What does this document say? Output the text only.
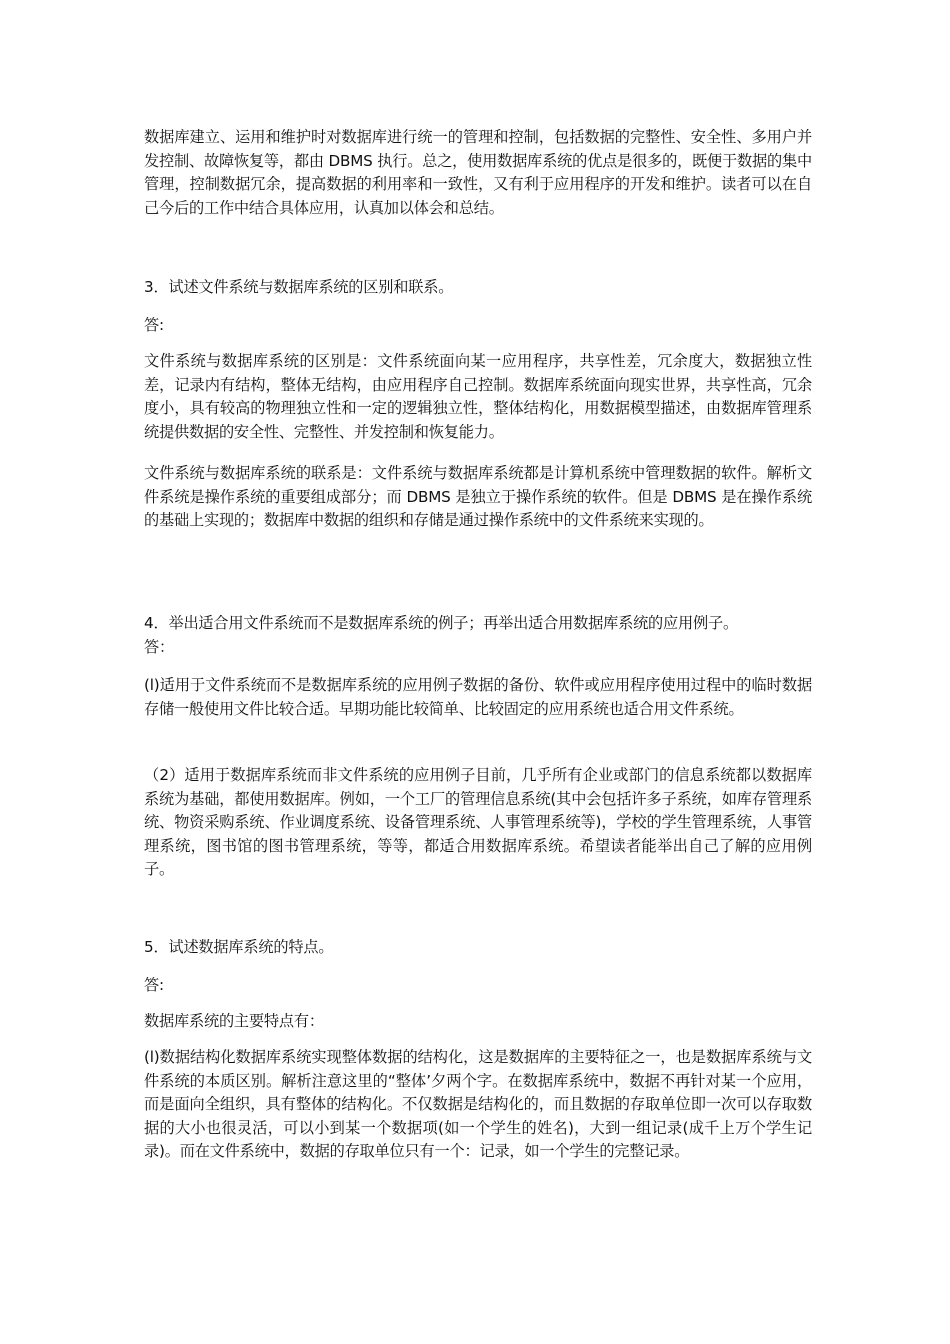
数据库建立、运用和维护时对数据库进行统一的管理和控制，包括数据的完整性、安全性、多用户并发控制、故障恢复等，都由 DBMS 执行。总之，使用数据库系统的优点是很多的，既便于数据的集中管理，控制数据冗余，提高数据的利用率和一致性，又有利于应用程序的开发和维护。读者可以在自己今后的工作中结合具体应用，认真加以体会和总结。

3．试述文件系统与数据库系统的区别和联系。

答:

文件系统与数据库系统的区别是：文件系统面向某一应用程序，共享性差，冗余度大，数据独立性差，记录内有结构，整体无结构，由应用程序自己控制。数据库系统面向现实世界，共享性高，冗余度小，具有较高的物理独立性和一定的逻辑独立性，整体结构化，用数据模型描述，由数据库管理系统提供数据的安全性、完整性、并发控制和恢复能力。

文件系统与数据库系统的联系是：文件系统与数据库系统都是计算机系统中管理数据的软件。解析文件系统是操作系统的重要组成部分；而 DBMS 是独立于操作系统的软件。但是 DBMS 是在操作系统的基础上实现的；数据库中数据的组织和存储是通过操作系统中的文件系统来实现的。

4．举出适合用文件系统而不是数据库系统的例子；再举出适合用数据库系统的应用例子。

答：

(l)适用于文件系统而不是数据库系统的应用例子数据的备份、软件或应用程序使用过程中的临时数据存储一般使用文件比较合适。早期功能比较简单、比较固定的应用系统也适合用文件系统。

（2）适用于数据库系统而非文件系统的应用例子目前，几乎所有企业或部门的信息系统都以数据库系统为基础，都使用数据库。例如，一个工厂的管理信息系统(其中会包括许多子系统，如库存管理系统、物资采购系统、作业调度系统、设备管理系统、人事管理系统等)，学校的学生管理系统，人事管理系统，图书馆的图书管理系统，等等，都适合用数据库系统。希望读者能举出自己了解的应用例子。

5．试述数据库系统的特点。

答:

数据库系统的主要特点有：

(l)数据结构化数据库系统实现整体数据的结构化，这是数据库的主要特征之一，也是数据库系统与文件系统的本质区别。解析注意这里的“整体’夕两个字。在数据库系统中，数据不再针对某一个应用，而是面向全组织，具有整体的结构化。不仅数据是结构化的，而且数据的存取单位即一次可以存取数据的大小也很灵活，可以小到某一个数据项(如一个学生的姓名)，大到一组记录(成千上万个学生记录)。而在文件系统中，数据的存取单位只有一个：记录，如一个学生的完整记录。
